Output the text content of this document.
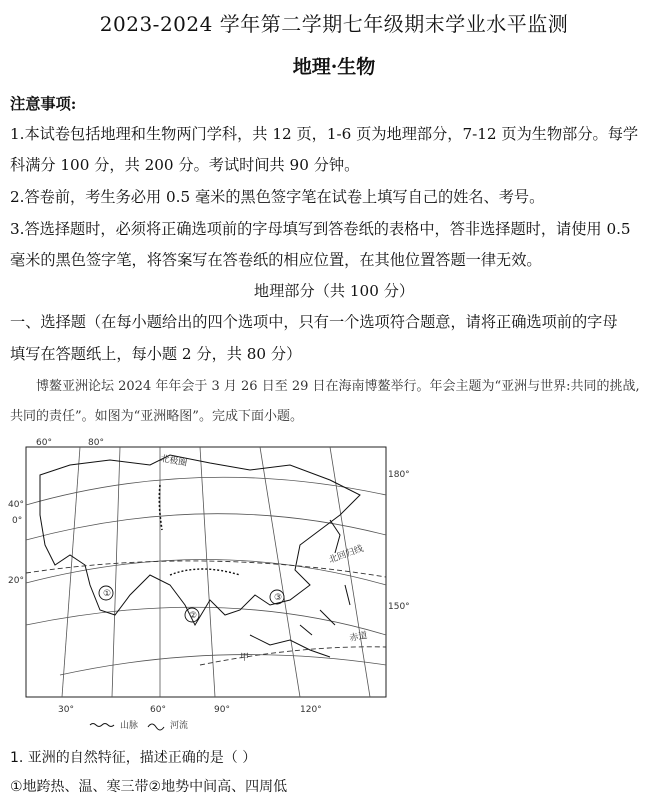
2023-2024 学年第二学期七年级期末学业水平监测
地理·生物
注意事项:
1.本试卷包括地理和生物两门学科，共 12 页，1-6 页为地理部分，7-12 页为生物部分。每学
科满分 100 分，共 200 分。考试时间共 90 分钟。
2.答卷前，考生务必用 0.5 毫米的黑色签字笔在试卷上填写自己的姓名、考号。
3.答选择题时，必须将正确选项前的字母填写到答卷纸的表格中，答非选择题时，请使用 0.5
毫米的黑色签字笔，将答案写在答卷纸的相应位置，在其他位置答题一律无效。
地理部分（共 100 分）
一、选择题（在每小题给出的四个选项中，只有一个选项符合题意，请将正确选项前的字母
填写在答题纸上，每小题 2 分，共 80 分）
博鳌亚洲论坛 2024 年年会于 3 月 26 日至 29 日在海南博鳌举行。年会主题为“亚洲与世界:共同的挑战,
共同的责任”。如图为“亚洲略图”。完成下面小题。
①
②
③
甲
60°	80°
40°
0°
20°
180°
150°
30°	60°	90°	120°
北回归线
赤道
北极圈
山脉	河流
1. 亚洲的自然特征，描述正确的是（ ）
①地跨热、温、寒三带②地势中间高、四周低
